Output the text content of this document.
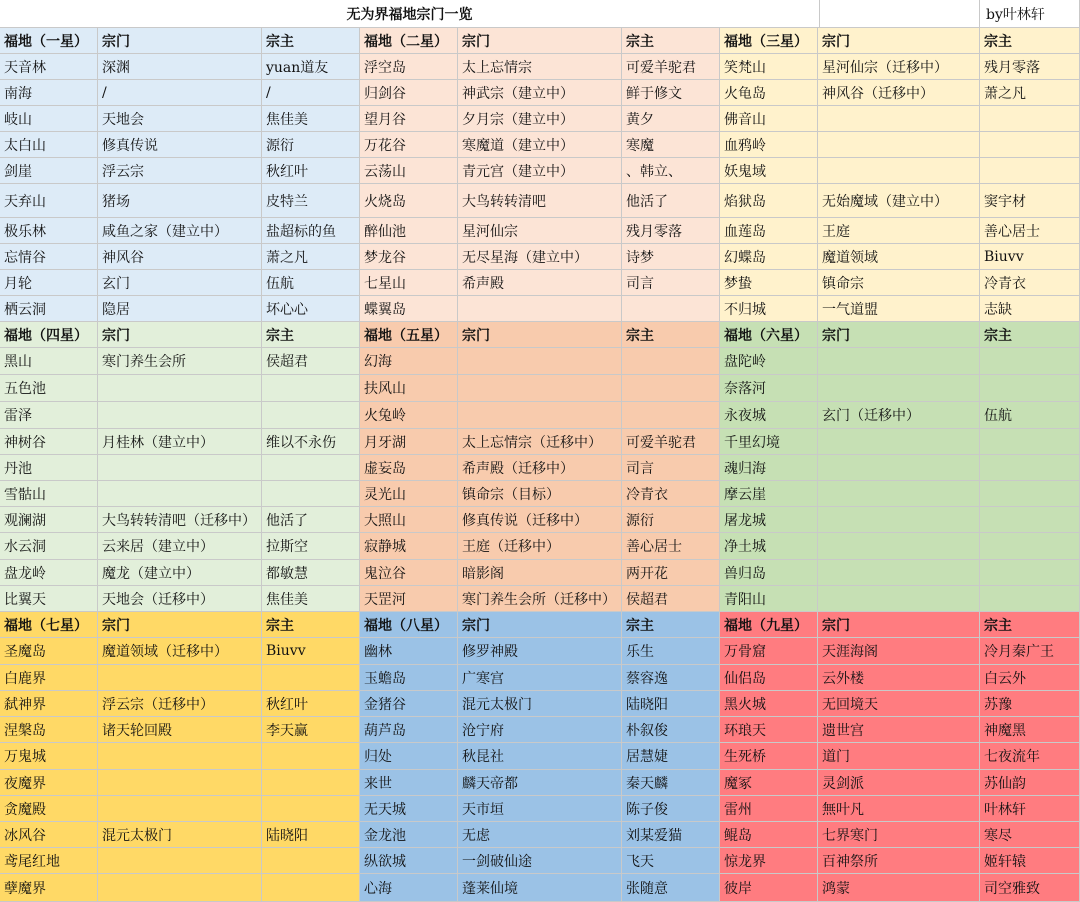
无为界福地宗门一览	by叶林轩
福地（一星）	宗门	宗主
天音林	深渊	yuan道友
南海	/	/
岐山	天地会	焦佳美
太白山	修真传说	源衍
剑崖	浮云宗	秋红叶
天弃山	猪场	皮特兰
极乐林	咸鱼之家（建立中）	盐超标的鱼
忘情谷	神风谷	萧之凡
月轮	玄门	伍航
栖云洞	隐居	坏心心
福地（二星）	宗门	宗主
浮空岛	太上忘情宗	可爱羊驼君
归剑谷	神武宗（建立中）	鲜于修文
望月谷	夕月宗（建立中）	黄夕
万花谷	寒魔道（建立中）	寒魔
云荡山	青元宫（建立中）	、韩立、
火烧岛	大鸟转转清吧	他活了
醉仙池	星河仙宗	残月零落
梦龙谷	无尽星海（建立中）	诗梦
七星山	希声殿	司言
蝶翼岛
福地（三星）	宗门	宗主
笑梵山	星河仙宗（迁移中）	残月零落
火龟岛	神风谷（迁移中）	萧之凡
佛音山
血鸦岭
妖鬼域
焰狱岛	无始魔域（建立中）	窦宇材
血莲岛	王庭	善心居士
幻蝶岛	魔道领域	Biuvv
梦蛰	镇命宗	冷青衣
不归城	一气道盟	志缺
福地（四星）	宗门	宗主
黑山	寒门养生会所	侯超君
五色池
雷泽
神树谷	月桂林（建立中）	维以不永伤
丹池
雪骷山
观澜湖	大鸟转转清吧（迁移中） 他活了
水云洞	云来居（建立中）	拉斯空
盘龙岭	魔龙（建立中）	都敏慧
比翼天	天地会（迁移中）	焦佳美
福地（五星）	宗门	宗主
幻海
扶风山
火兔岭
月牙湖	太上忘情宗（迁移中）	可爱羊驼君
虚妄岛	希声殿（迁移中）	司言
灵光山	镇命宗（目标）	冷青衣
大照山	修真传说（迁移中）	源衍
寂静城	王庭（迁移中）	善心居士
鬼泣谷	暗影阁	两开花
天罡河	寒门养生会所（迁移中） 侯超君
福地（六星）	宗门	宗主
盘陀岭
奈落河
永夜城	玄门（迁移中）	伍航
千里幻境
魂归海
摩云崖
屠龙城
净土城
兽归岛
青阳山
福地（七星）	宗门	宗主
圣魔岛	魔道领域（迁移中）	Biuvv
白鹿界
弑神界	浮云宗（迁移中）	秋红叶
涅槃岛	诸天轮回殿	李天赢
万鬼城
夜魔界
贪魔殿
冰风谷	混元太极门	陆晓阳
鸢尾红地
孽魔界
福地（八星）	宗门	宗主
幽林	修罗神殿	乐生
玉蟾岛	广寒宫	蔡容逸
金猪谷	混元太极门	陆晓阳
葫芦岛	沧宁府	朴叙俊
归处	秋昆社	居慧婕
来世	麟天帝都	秦天麟
无天城	天市垣	陈子俊
金龙池	无虑	刘某爱猫
纵欲城	一剑破仙途	飞天
心海	蓬莱仙境	张随意
福地（九星）	宗门	宗主
万骨窟	天涯海阁	冷月秦广王
仙侣岛	云外楼	白云外
黑火城	无回境天	苏豫
环琅天	遗世宫	神魔黑
生死桥	道门	七夜流年
魔冢	灵剑派	苏仙韵
雷州	無叶凡	叶林轩
鲲岛	七界寒门	寒尽
惊龙界	百神祭所	姬轩辕
彼岸	鸿蒙	司空雅致
